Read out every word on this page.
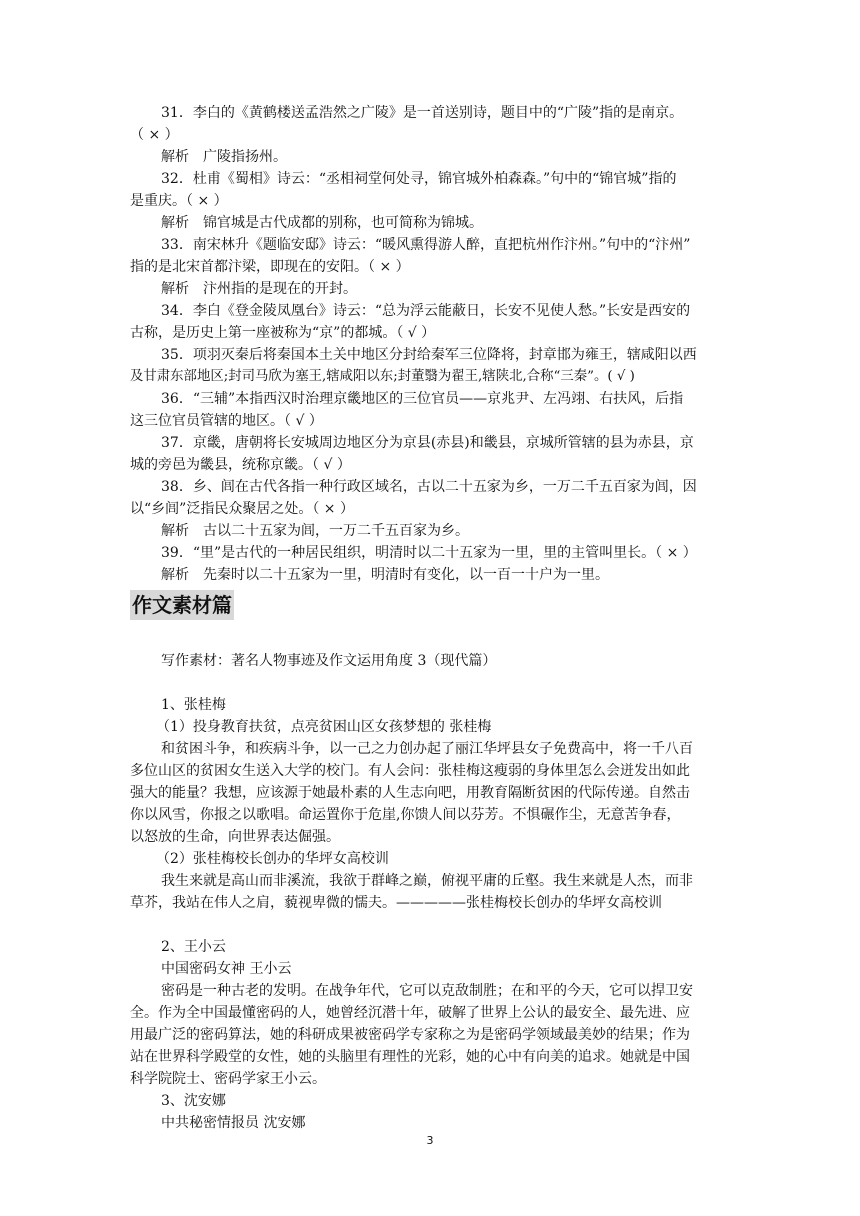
31．李白的《黄鹤楼送孟浩然之广陵》是一首送别诗，题目中的“广陵”指的是南京。
（ × ）
解析　广陵指扬州。
32．杜甫《蜀相》诗云：“丞相祠堂何处寻，锦官城外柏森森。”句中的“锦官城”指的
是重庆。（ × ）
解析　锦官城是古代成都的别称，也可简称为锦城。
33．南宋林升《题临安邸》诗云：“暖风熏得游人醉，直把杭州作汴州。”句中的“汴州”
指的是北宋首都汴梁，即现在的安阳。（ × ）
解析　汴州指的是现在的开封。
34．李白《登金陵凤凰台》诗云：“总为浮云能蔽日，长安不见使人愁。”长安是西安的
古称，是历史上第一座被称为“京”的都城。（ √ ）
35．项羽灭秦后将秦国本土关中地区分封给秦军三位降将，封章邯为雍王，辖咸阳以西
及甘肃东部地区;封司马欣为塞王,辖咸阳以东;封董翳为翟王,辖陕北,合称“三秦”。( √ )
36．“三辅”本指西汉时治理京畿地区的三位官员——京兆尹、左冯翊、右扶风，后指
这三位官员管辖的地区。（ √ ）
37．京畿，唐朝将长安城周边地区分为京县(赤县)和畿县，京城所管辖的县为赤县，京
城的旁邑为畿县，统称京畿。（ √ ）
38．乡、闾在古代各指一种行政区域名，古以二十五家为乡，一万二千五百家为闾，因
以“乡闾”泛指民众聚居之处。（ × ）
解析　古以二十五家为闾，一万二千五百家为乡。
39．“里”是古代的一种居民组织，明清时以二十五家为一里，里的主管叫里长。（ × ）
解析　先秦时以二十五家为一里，明清时有变化，以一百一十户为一里。
作文素材篇
写作素材：著名人物事迹及作文运用角度 3（现代篇）
1、张桂梅
（1）投身教育扶贫，点亮贫困山区女孩梦想的 张桂梅
和贫困斗争，和疾病斗争，以一己之力创办起了丽江华坪县女子免费高中，将一千八百
多位山区的贫困女生送入大学的校门。有人会问：张桂梅这瘦弱的身体里怎么会迸发出如此
强大的能量？我想，应该源于她最朴素的人生志向吧，用教育隔断贫困的代际传递。自然击
你以风雪，你报之以歌唱。命运置你于危崖,你馈人间以芬芳。不惧碾作尘，无意苦争春，
以怒放的生命，向世界表达倔强。
（2）张桂梅校长创办的华坪女高校训
我生来就是高山而非溪流，我欲于群峰之巅，俯视平庸的丘壑。我生来就是人杰，而非
草芥，我站在伟人之肩，藐视卑微的懦夫。—————张桂梅校长创办的华坪女高校训
2、王小云
中国密码女神 王小云
密码是一种古老的发明。在战争年代，它可以克敌制胜；在和平的今天，它可以捍卫安
全。作为全中国最懂密码的人，她曾经沉潜十年，破解了世界上公认的最安全、最先进、应
用最广泛的密码算法，她的科研成果被密码学专家称之为是密码学领域最美妙的结果；作为
站在世界科学殿堂的女性，她的头脑里有理性的光彩，她的心中有向美的追求。她就是中国
科学院院士、密码学家王小云。
3、沈安娜
3
中共秘密情报员 沈安娜
